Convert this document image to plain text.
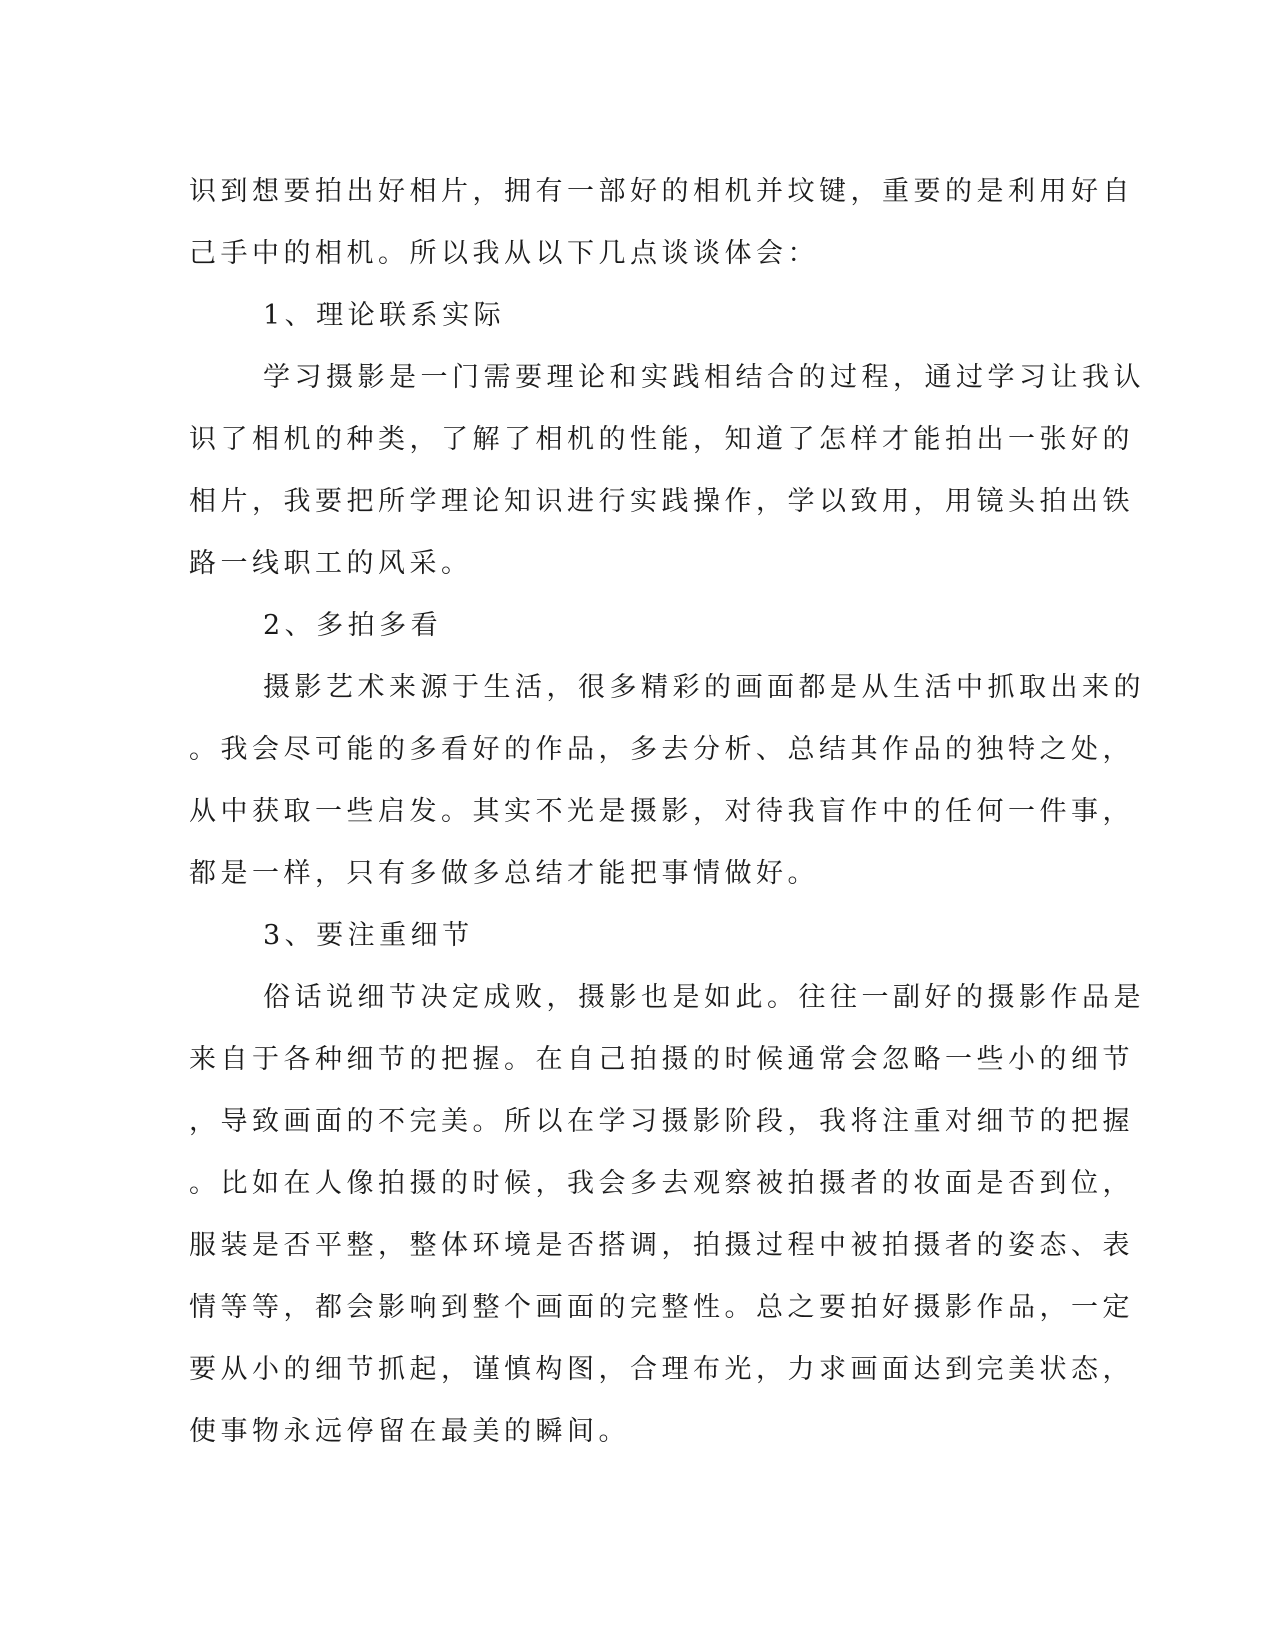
识到想要拍出好相片，拥有一部好的相机并坟键，重要的是利用好自
己手中的相机。所以我从以下几点谈谈体会：

1、理论联系实际

学习摄影是一门需要理论和实践相结合的过程，通过学习让我认
识了相机的种类，了解了相机的性能，知道了怎样才能拍出一张好的
相片，我要把所学理论知识进行实践操作，学以致用，用镜头拍出铁
路一线职工的风采。

2、多拍多看

摄影艺术来源于生活，很多精彩的画面都是从生活中抓取出来的
。我会尽可能的多看好的作品，多去分析、总结其作品的独特之处，
从中获取一些启发。其实不光是摄影，对待我盲作中的任何一件事，
都是一样，只有多做多总结才能把事情做好。

3、要注重细节

俗话说细节决定成败，摄影也是如此。往往一副好的摄影作品是
来自于各种细节的把握。在自己拍摄的时候通常会忽略一些小的细节
，导致画面的不完美。所以在学习摄影阶段，我将注重对细节的把握
。比如在人像拍摄的时候，我会多去观察被拍摄者的妆面是否到位，
服装是否平整，整体环境是否搭调，拍摄过程中被拍摄者的姿态、表
情等等，都会影响到整个画面的完整性。总之要拍好摄影作品，一定
要从小的细节抓起，谨慎构图，合理布光，力求画面达到完美状态，
使事物永远停留在最美的瞬间。
